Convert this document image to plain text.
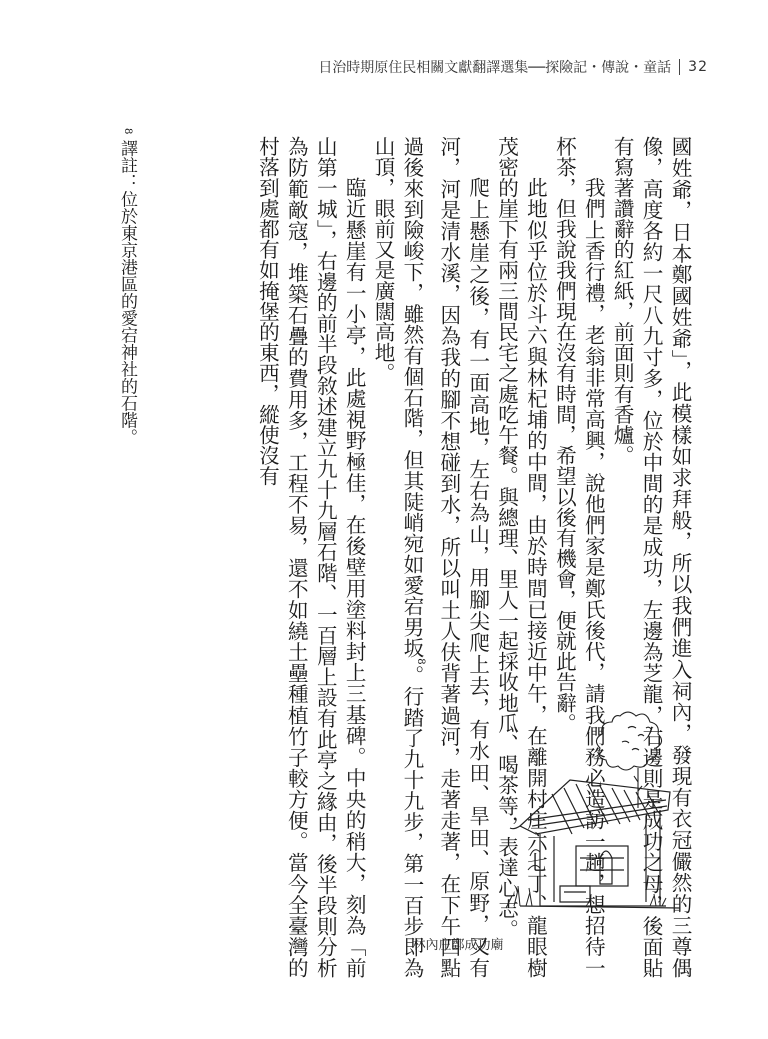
日治時期原住民相關文獻翻譯選集──探險記・傳說・童話 32

國姓爺，日本鄭國姓爺」，此模樣如求拜般，所以我們進入祠內，發現有衣冠儼然的三尊偶像，高度各約一尺八九寸多，位於中間的是成功，左邊為芝龍，右邊則是成功之母，後面貼有寫著讚辭的紅紙，前面則有香爐。

我們上香行禮，老翁非常高興，說他們家是鄭氏後代，請我們務必造訪一趟，想招待一杯茶，但我說我們現在沒有時間，希望以後有機會，便就此告辭。

此地似乎位於斗六與林杞埔的中間，由於時間已接近中午，在離開村庄六七丁、龍眼樹茂密的崖下有兩三間民宅之處吃午餐。與總理、里人一起採收地瓜、喝茶等，表達心志。

爬上懸崖之後，有一面高地，左右為山，用腳尖爬上去，有水田、旱田、原野，又有河，河是清水溪，因為我的腳不想碰到水，所以叫土人伕背著過河，走著走著，在下午四點過後來到險峻下，雖然有個石階，但其陡峭宛如愛宕男坂$^8$。行踏了九十九步，第一百步即為山頂，眼前又是廣闊高地。

臨近懸崖有一小亭，此處視野極佳，在後壁用塗料封上三基碑。中央的稍大，刻為「前山第一城」，右邊的前半段敘述建立九十九層石階、一百層上設有此亭之緣由，後半段則分析為防範敵寇，堆築石疊的費用多，工程不易，還不如繞土壘種植竹子較方便。當今全臺灣的村落到處都有如掩堡的東西，縱使沒有

8 譯註：位於東京港區的愛宕神社的石階。
林內庄鄭成功廟
